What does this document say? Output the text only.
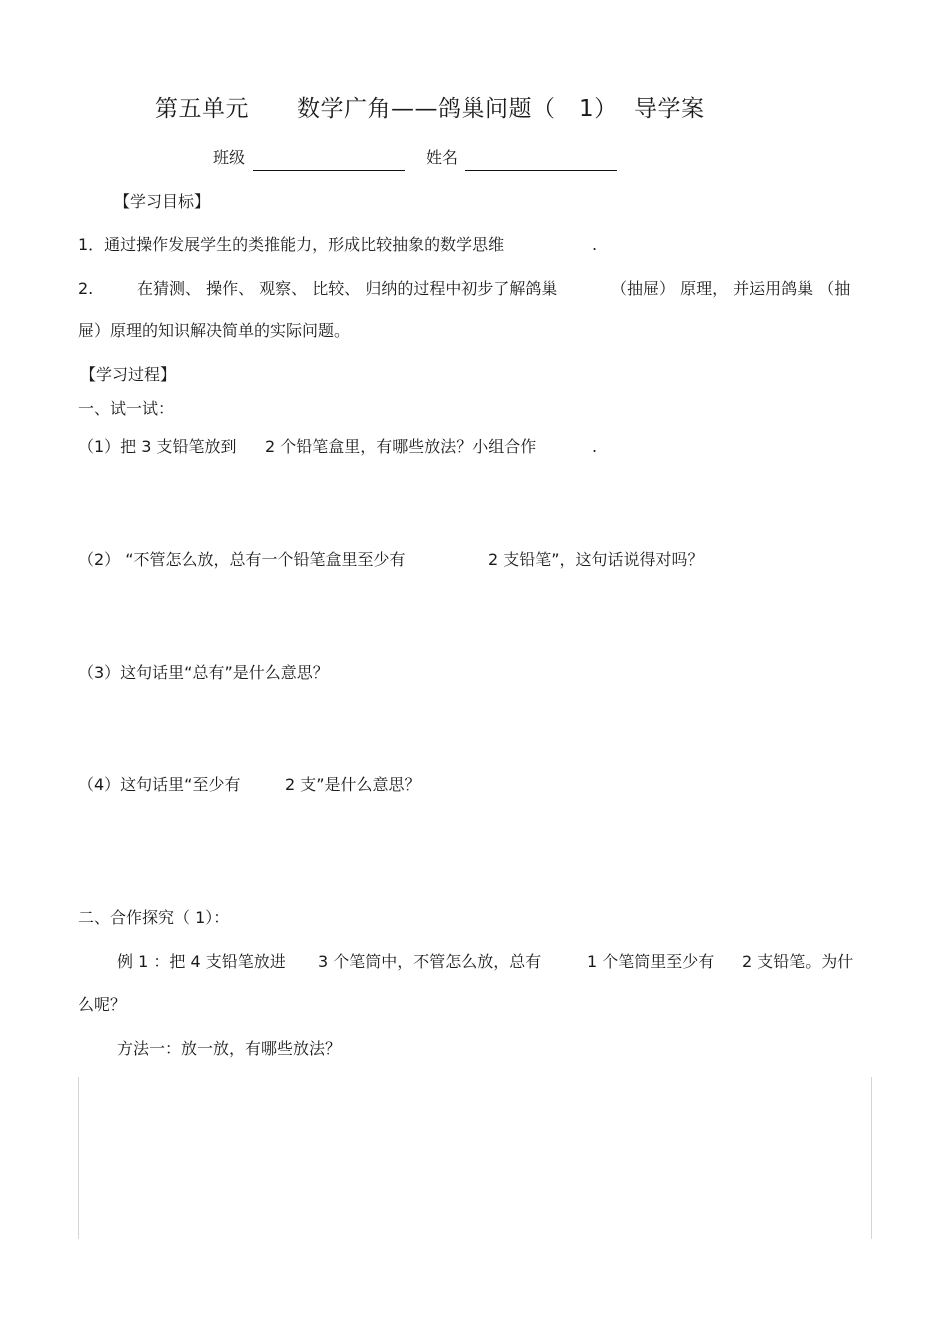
第五单元 数学广角——鸽巢问题（ 1） 导学案
班级	姓名
【学习目标】
1．通过操作发展学生的类推能力，形成比较抽象的数学思维	.
2.	在猜测、 操作、 观察、 比较、 归纳的过程中初步了解鸽巢	（抽屉） 原理， 并运用鸽巢 （抽
屉）原理的知识解决简单的实际问题。
【学习过程】
一、试一试：
（1）把 3 支铅笔放到 2 个铅笔盒里，有哪些放法？小组合作	.
（2） “不管怎么放，总有一个铅笔盒里至少有	2 支铅笔”，这句话说得对吗？
（3）这句话里“总有”是什么意思？
（4）这句话里“至少有	2 支”是什么意思？
二、合作探究（ 1）：
例 1 ：把 4 支铅笔放进 3 个笔筒中，不管怎么放，总有	1 个笔筒里至少有 2 支铅笔。为什
么呢？
方法一：放一放，有哪些放法？
